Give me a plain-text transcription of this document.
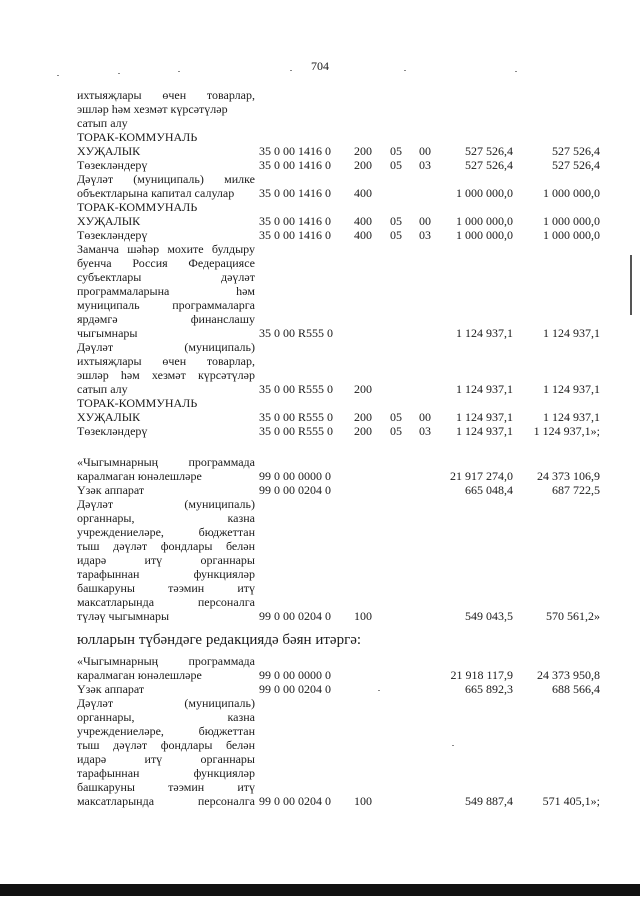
704
ихтыяҗлары өчен товарлар,
эшләр һәм хезмәт күрсәтүләр
сатып алу
ТОРАК-КОММУНАЛЬ
ХУҖАЛЫК	35 0 00 1416 0 200 05 00	527 526,4	527 526,4
Төзекләндерү	35 0 00 1416 0 200 05 03	527 526,4	527 526,4
Дәүләт (муниципаль) милке
объектларына капитал салулар	35 0 00 1416 0 400	1 000 000,0	1 000 000,0
ТОРАК-КОММУНАЛЬ
ХУҖАЛЫК	35 0 00 1416 0 400 05 00	1 000 000,0	1 000 000,0
Төзекләндерү	35 0 00 1416 0 400 05 03	1 000 000,0	1 000 000,0
Заманча шәһәр мохите булдыру
буенча Россия Федерациясе
субъектлары дәүләт
программаларына һәм
муниципаль программаларга
ярдәмгә финанслашу
чыгымнары	35 0 00 R555 0	1 124 937,1	1 124 937,1
Дәүләт (муниципаль)
ихтыяҗлары өчен товарлар,
эшләр һәм хезмәт күрсәтүләр
сатып алу	35 0 00 R555 0 200	1 124 937,1	1 124 937,1
ТОРАК-КОММУНАЛЬ
ХУҖАЛЫК	35 0 00 R555 0 200 05 00	1 124 937,1	1 124 937,1
Төзекләндерү	35 0 00 R555 0 200 05 03	1 124 937,1	1 124 937,1»;
«Чыгымнарның программада
каралмаган юнәлешләре	99 0 00 0000 0	21 917 274,0	24 373 106,9
Үзәк аппарат	99 0 00 0204 0	665 048,4	687 722,5
Дәүләт (муниципаль)
органнары, казна
учреждениеләре, бюджеттан
тыш дәүләт фондлары белән
идарә итү органнары
тарафыннан функцияләр
башкаруны тәэмин итү
максатларында персоналга
түләү чыгымнары	99 0 00 0204 0 100	549 043,5	570 561,2»
юлларын түбәндәге редакциядә бәян итәргә:
«Чыгымнарның программада
каралмаган юнәлешләре	99 0 00 0000 0	21 918 117,9	24 373 950,8
Үзәк аппарат	99 0 00 0204 0	665 892,3	688 566,4
Дәүләт (муниципаль)
органнары, казна
учреждениеләре, бюджеттан
тыш дәүләт фондлары белән
идарә итү органнары
тарафыннан функцияләр
башкаруны тәэмин итү
максатларында персоналга 99 0 00 0204 0 100	549 887,4	571 405,1»;
